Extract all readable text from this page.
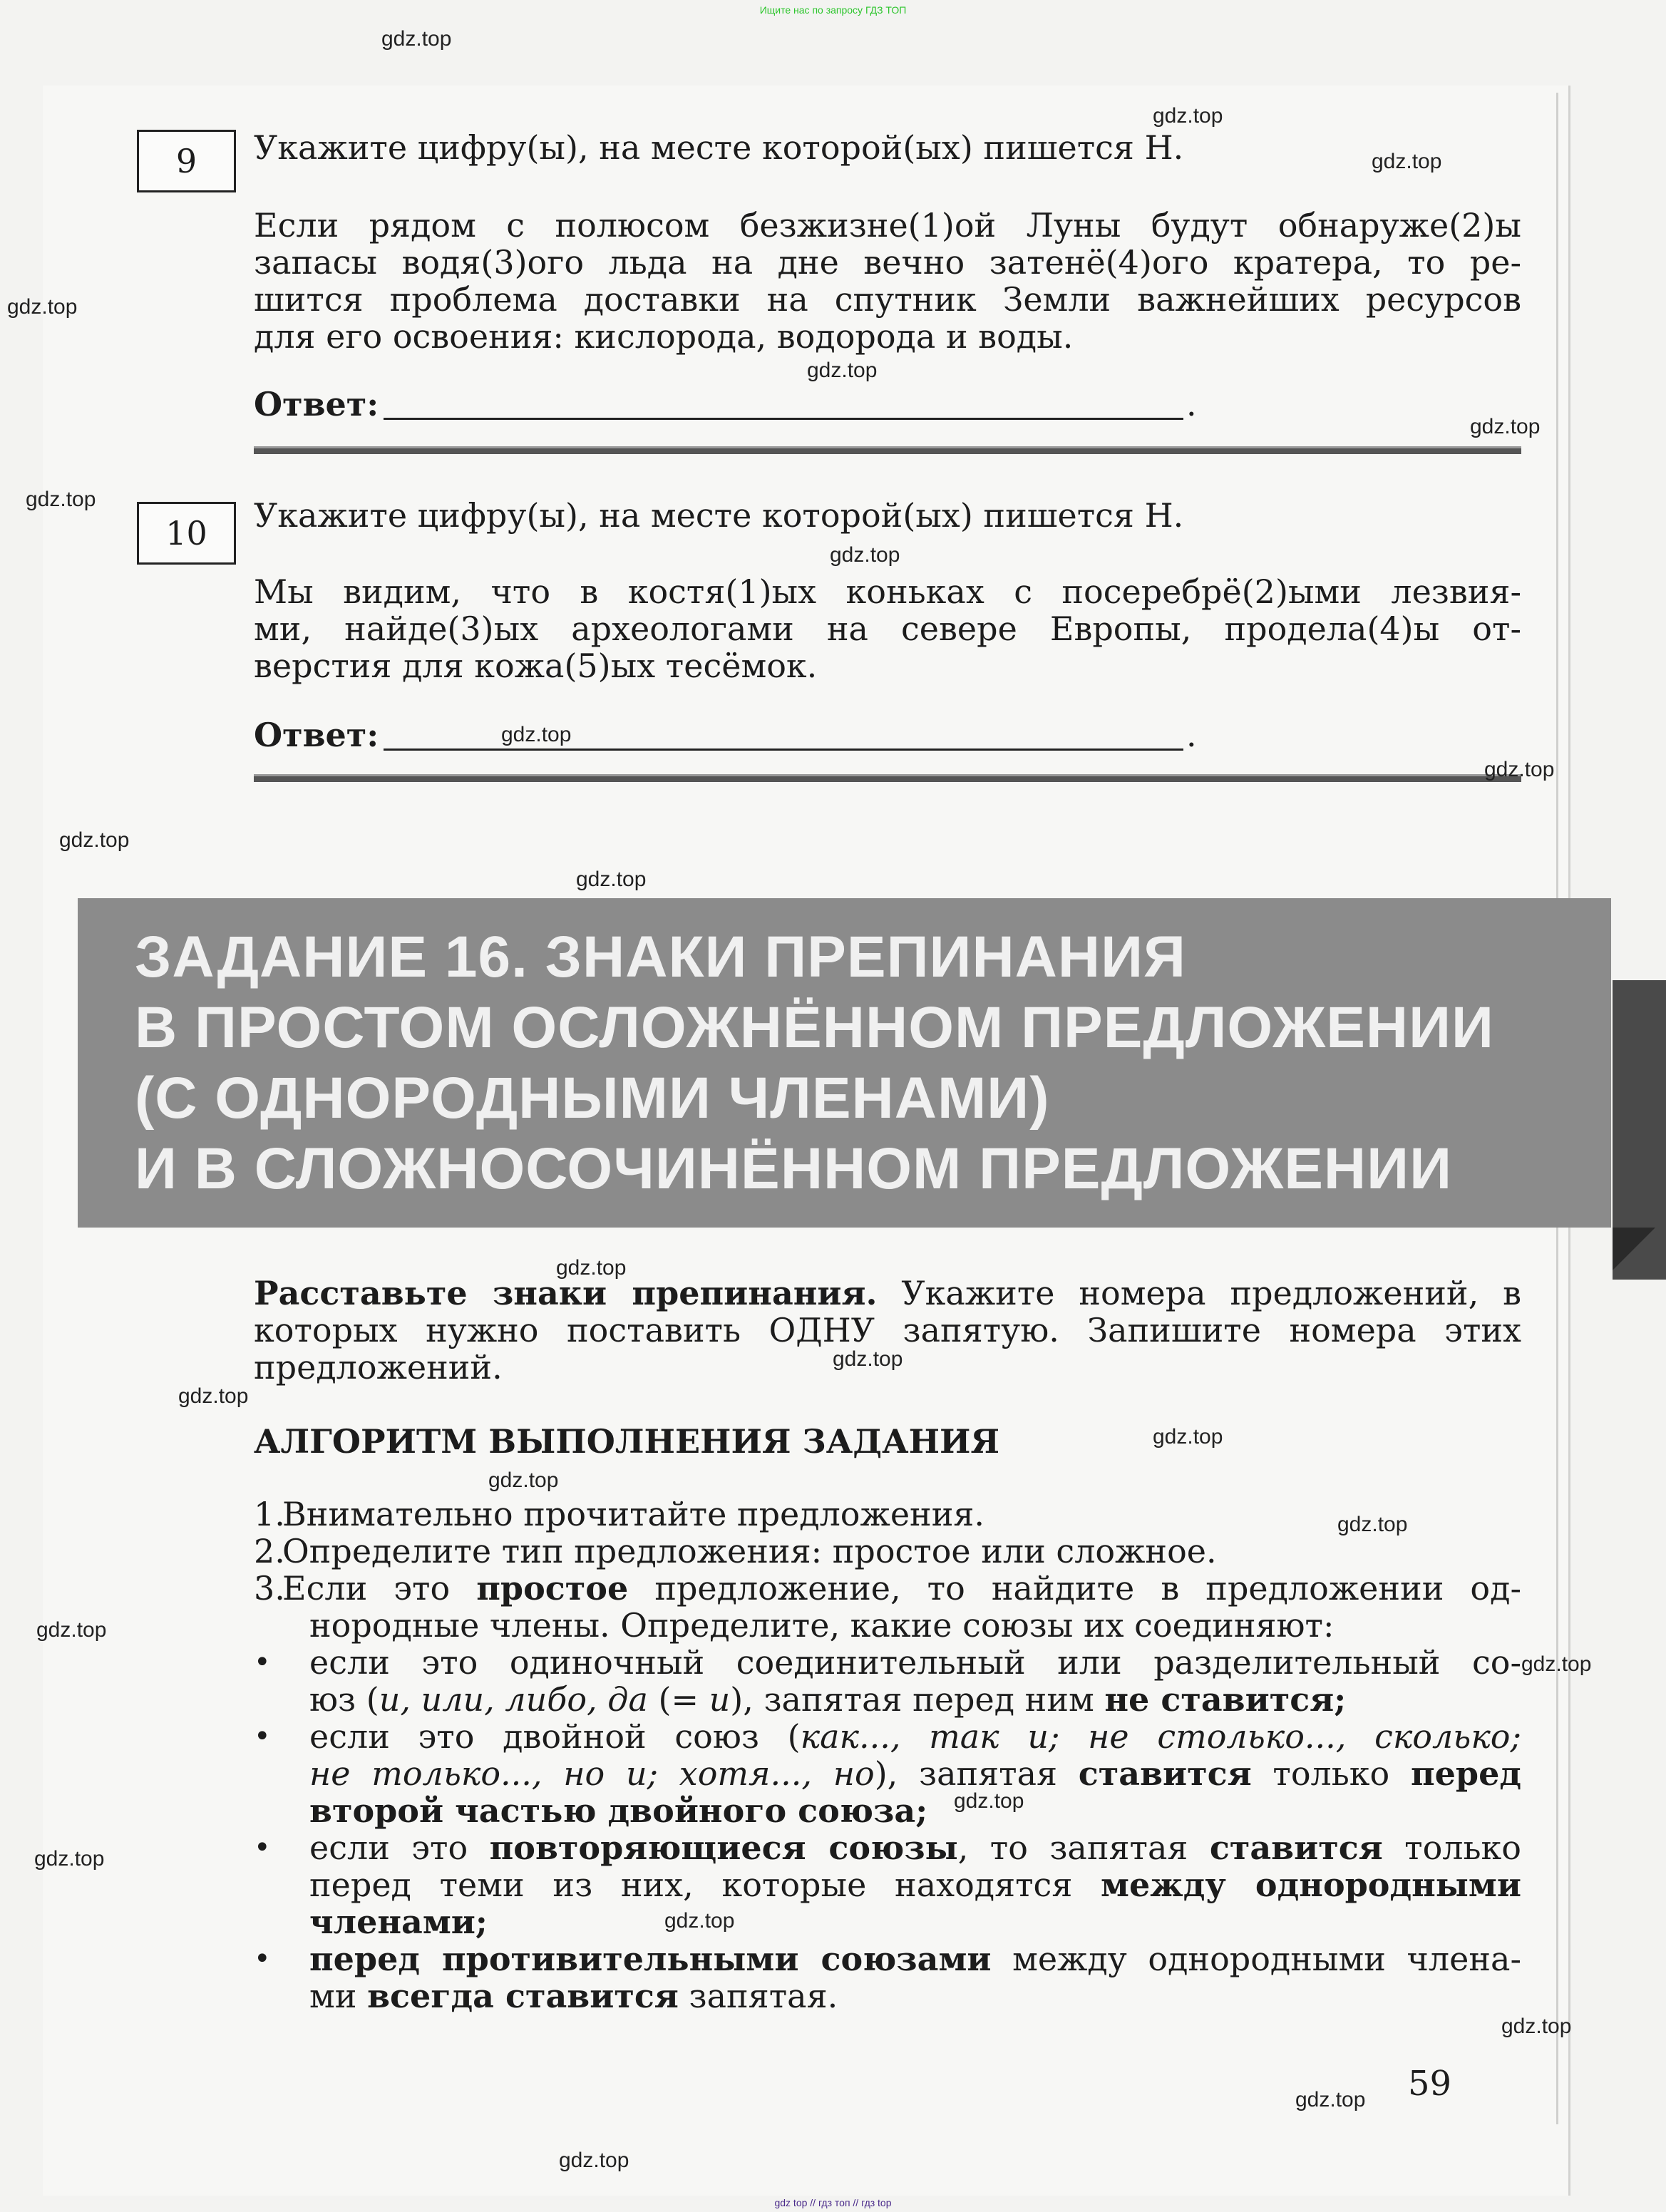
Ищите нас по запросу ГДЗ ТОП
9	Укажите цифру(ы), на месте которой(ых) пишется Н.
Если рядом с полюсом безжизне(1)ой Луны будут обнаруже(2)ы
запасы водя(3)ого льда на дне вечно затенё(4)ого кратера, то ре-
шится проблема доставки на спутник Земли важнейших ресурсов
для его освоения: кислорода, водорода и воды.
Ответ:	.
10	Укажите цифру(ы), на месте которой(ых) пишется Н.
Мы видим, что в костя(1)ых коньках с посеребрё(2)ыми лезвия-
ми, найде(3)ых археологами на севере Европы, продела(4)ы от-
верстия для кожа(5)ых тесёмок.
Ответ:	.
ЗАДАНИЕ 16. ЗНАКИ ПРЕПИНАНИЯ
В ПРОСТОМ ОСЛОЖНЁННОМ ПРЕДЛОЖЕНИИ
(С ОДНОРОДНЫМИ ЧЛЕНАМИ)
И В СЛОЖНОСОЧИНЁННОМ ПРЕДЛОЖЕНИИ
Расставьте знаки препинания. Укажите номера предложений, в
которых нужно поставить ОДНУ запятую. Запишите номера этих
предложений.
АЛГОРИТМ ВЫПОЛНЕНИЯ ЗАДАНИЯ
1.
Внимательно прочитайте предложения.
2.
Определите тип предложения: простое или сложное.
3.
Если это простое предложение, то найдите в предложении од-
нородные члены. Определите, какие союзы их соединяют:
• если это одиночный соединительный или разделительный со-
юз (и, или, либо, да (= и), запятая перед ним не ставится;
• если это двойной союз (как..., так и; не столько..., сколько;
не только..., но и; хотя..., но), запятая ставится только перед
второй частью двойного союза;
• если это повторяющиеся союзы, то запятая ставится только
перед теми из них, которые находятся между однородными
членами;
• перед противительными союзами между однородными члена-
ми всегда ставится запятая.
59
gdz top // гдз топ // гдз top
gdz.top
gdz.top
gdz.top
gdz.top
gdz.top
gdz.top
gdz.top
gdz.top
gdz.top
gdz.top
gdz.top
gdz.top
gdz.top
gdz.top
gdz.top
gdz.top
gdz.top
gdz.top
gdz.top
gdz.top
gdz.top
gdz.top
gdz.top
gdz.top
gdz.top
gdz.top
